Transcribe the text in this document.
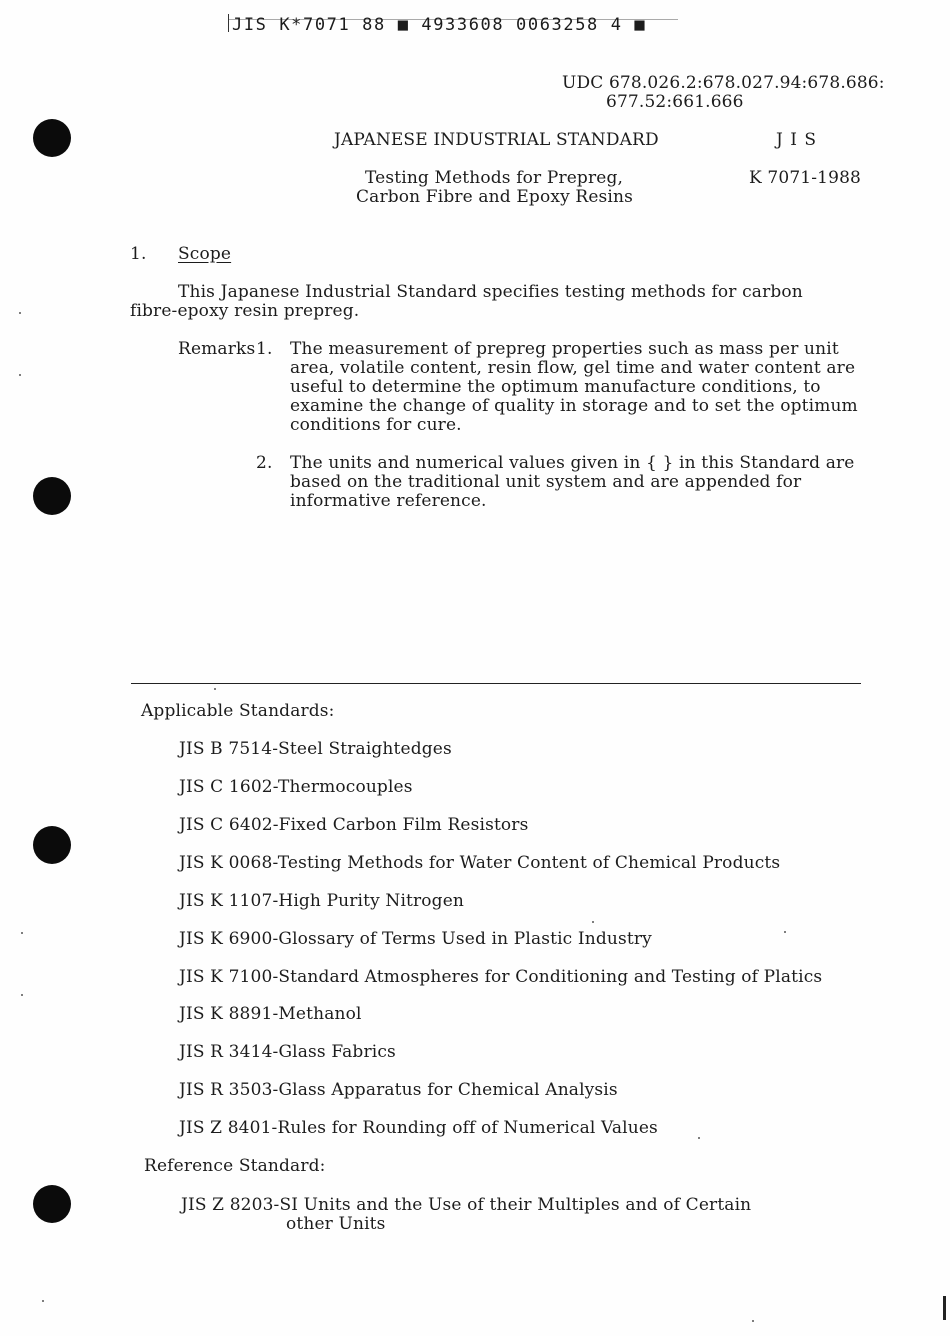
JIS K*7071 88 ■ 4933608 0063258 4 ■
UDC 678.026.2:678.027.94:678.686:
677.52:661.666
JAPANESE INDUSTRIAL STANDARD	J I S
Testing Methods for Prepreg,
Carbon Fibre and Epoxy Resins
K 7071-1988
1. Scope
This Japanese Industrial Standard specifies testing methods for carbon
fibre-epoxy resin prepreg.
Remarks 1. The measurement of prepreg properties such as mass per unit area, volatile content, resin flow, gel time and water content are useful to determine the optimum manufacture conditions, to examine the change of quality in storage and to set the optimum conditions for cure.
2. The units and numerical values given in { } in this Standard are based on the traditional unit system and are appended for informative reference.
Applicable Standards:
JIS B 7514-Steel Straightedges
JIS C 1602-Thermocouples
JIS C 6402-Fixed Carbon Film Resistors
JIS K 0068-Testing Methods for Water Content of Chemical Products
JIS K 1107-High Purity Nitrogen
JIS K 6900-Glossary of Terms Used in Plastic Industry
JIS K 7100-Standard Atmospheres for Conditioning and Testing of Platics
JIS K 8891-Methanol
JIS R 3414-Glass Fabrics
JIS R 3503-Glass Apparatus for Chemical Analysis
JIS Z 8401-Rules for Rounding off of Numerical Values
Reference Standard:
JIS Z 8203-SI Units and the Use of their Multiples and of Certain
other Units
